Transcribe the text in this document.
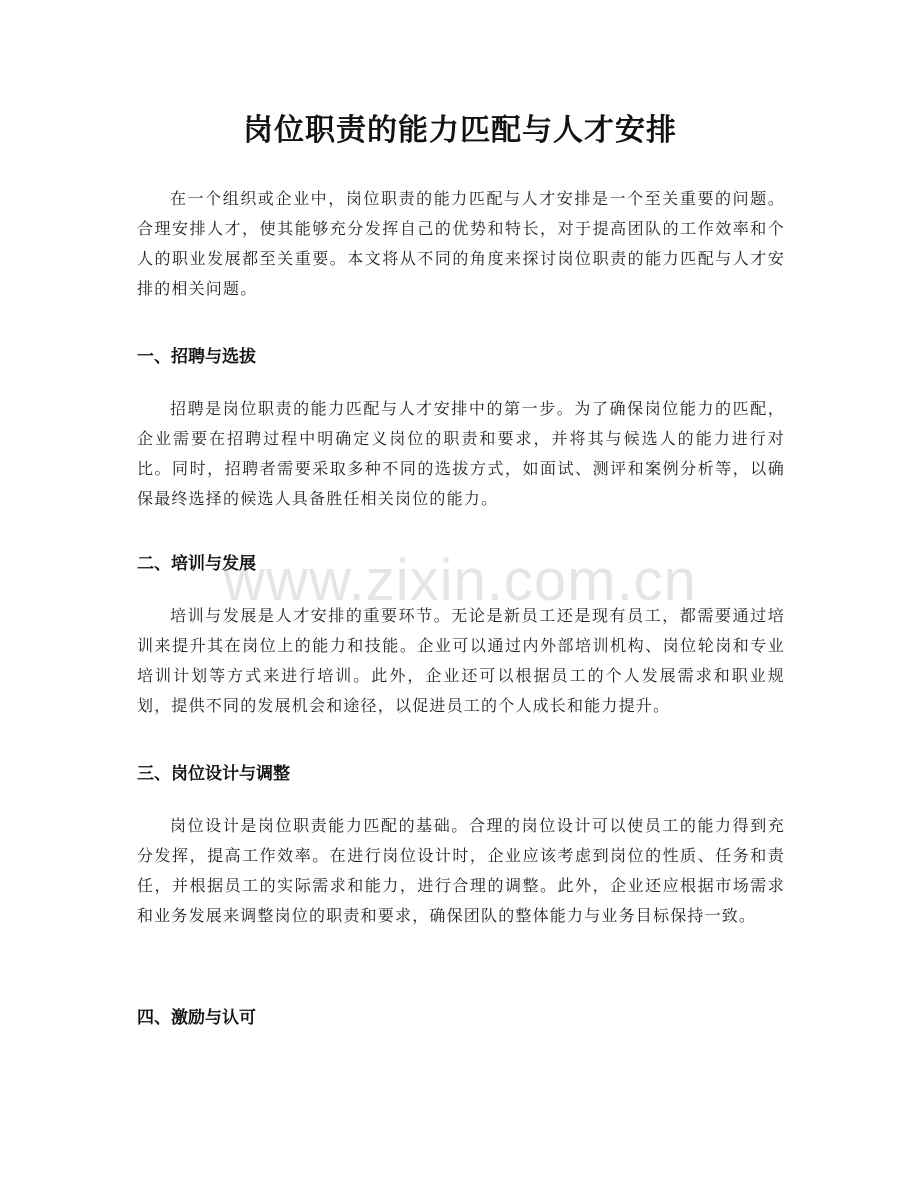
岗位职责的能力匹配与人才安排

在一个组织或企业中，岗位职责的能力匹配与人才安排是一个至关重要的问题。合理安排人才，使其能够充分发挥自己的优势和特长，对于提高团队的工作效率和个人的职业发展都至关重要。本文将从不同的角度来探讨岗位职责的能力匹配与人才安排的相关问题。

一、招聘与选拔

招聘是岗位职责的能力匹配与人才安排中的第一步。为了确保岗位能力的匹配，企业需要在招聘过程中明确定义岗位的职责和要求，并将其与候选人的能力进行对比。同时，招聘者需要采取多种不同的选拔方式，如面试、测评和案例分析等，以确保最终选择的候选人具备胜任相关岗位的能力。

二、培训与发展

培训与发展是人才安排的重要环节。无论是新员工还是现有员工，都需要通过培训来提升其在岗位上的能力和技能。企业可以通过内外部培训机构、岗位轮岗和专业培训计划等方式来进行培训。此外，企业还可以根据员工的个人发展需求和职业规划，提供不同的发展机会和途径，以促进员工的个人成长和能力提升。

三、岗位设计与调整

岗位设计是岗位职责能力匹配的基础。合理的岗位设计可以使员工的能力得到充分发挥，提高工作效率。在进行岗位设计时，企业应该考虑到岗位的性质、任务和责任，并根据员工的实际需求和能力，进行合理的调整。此外，企业还应根据市场需求和业务发展来调整岗位的职责和要求，确保团队的整体能力与业务目标保持一致。

四、激励与认可
www.zixin.com.cn
